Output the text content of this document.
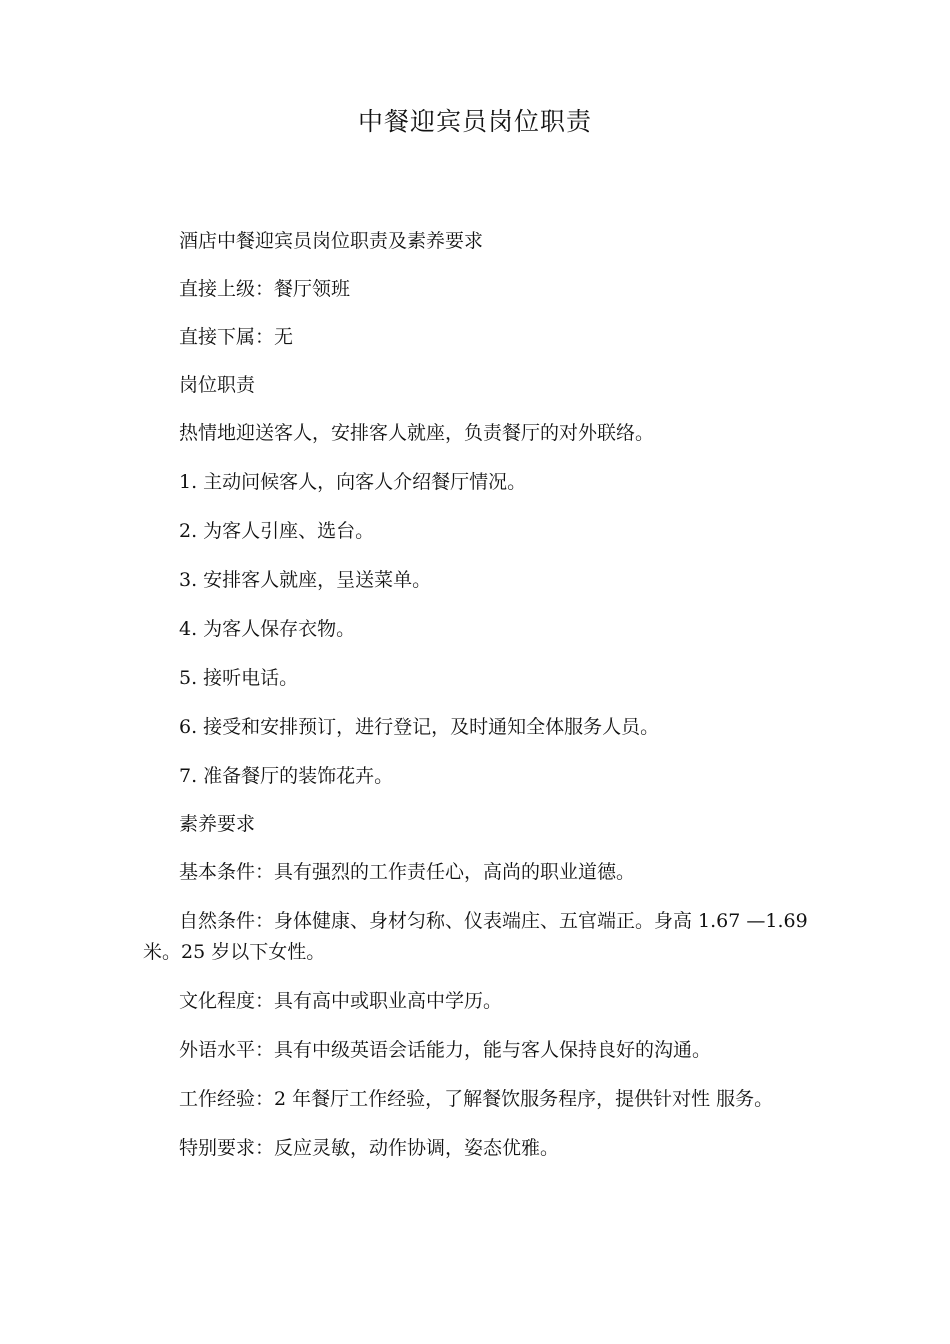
中餐迎宾员岗位职责

酒店中餐迎宾员岗位职责及素养要求

直接上级：餐厅领班

直接下属：无

岗位职责

热情地迎送客人，安排客人就座，负责餐厅的对外联络。

1. 主动问候客人，向客人介绍餐厅情况。

2. 为客人引座、选台。

3. 安排客人就座，呈送菜单。

4. 为客人保存衣物。

5. 接听电话。

6. 接受和安排预订，进行登记，及时通知全体服务人员。

7. 准备餐厅的装饰花卉。

素养要求

基本条件：具有强烈的工作责任心，高尚的职业道德。

自然条件：身体健康、身材匀称、仪表端庄、五官端正。身高 1.67 —1.69 米。25 岁以下女性。

文化程度：具有高中或职业高中学历。

外语水平：具有中级英语会话能力，能与客人保持良好的沟通。

工作经验：2 年餐厅工作经验，了解餐饮服务程序，提供针对性 服务。

特别要求：反应灵敏，动作协调，姿态优雅。
